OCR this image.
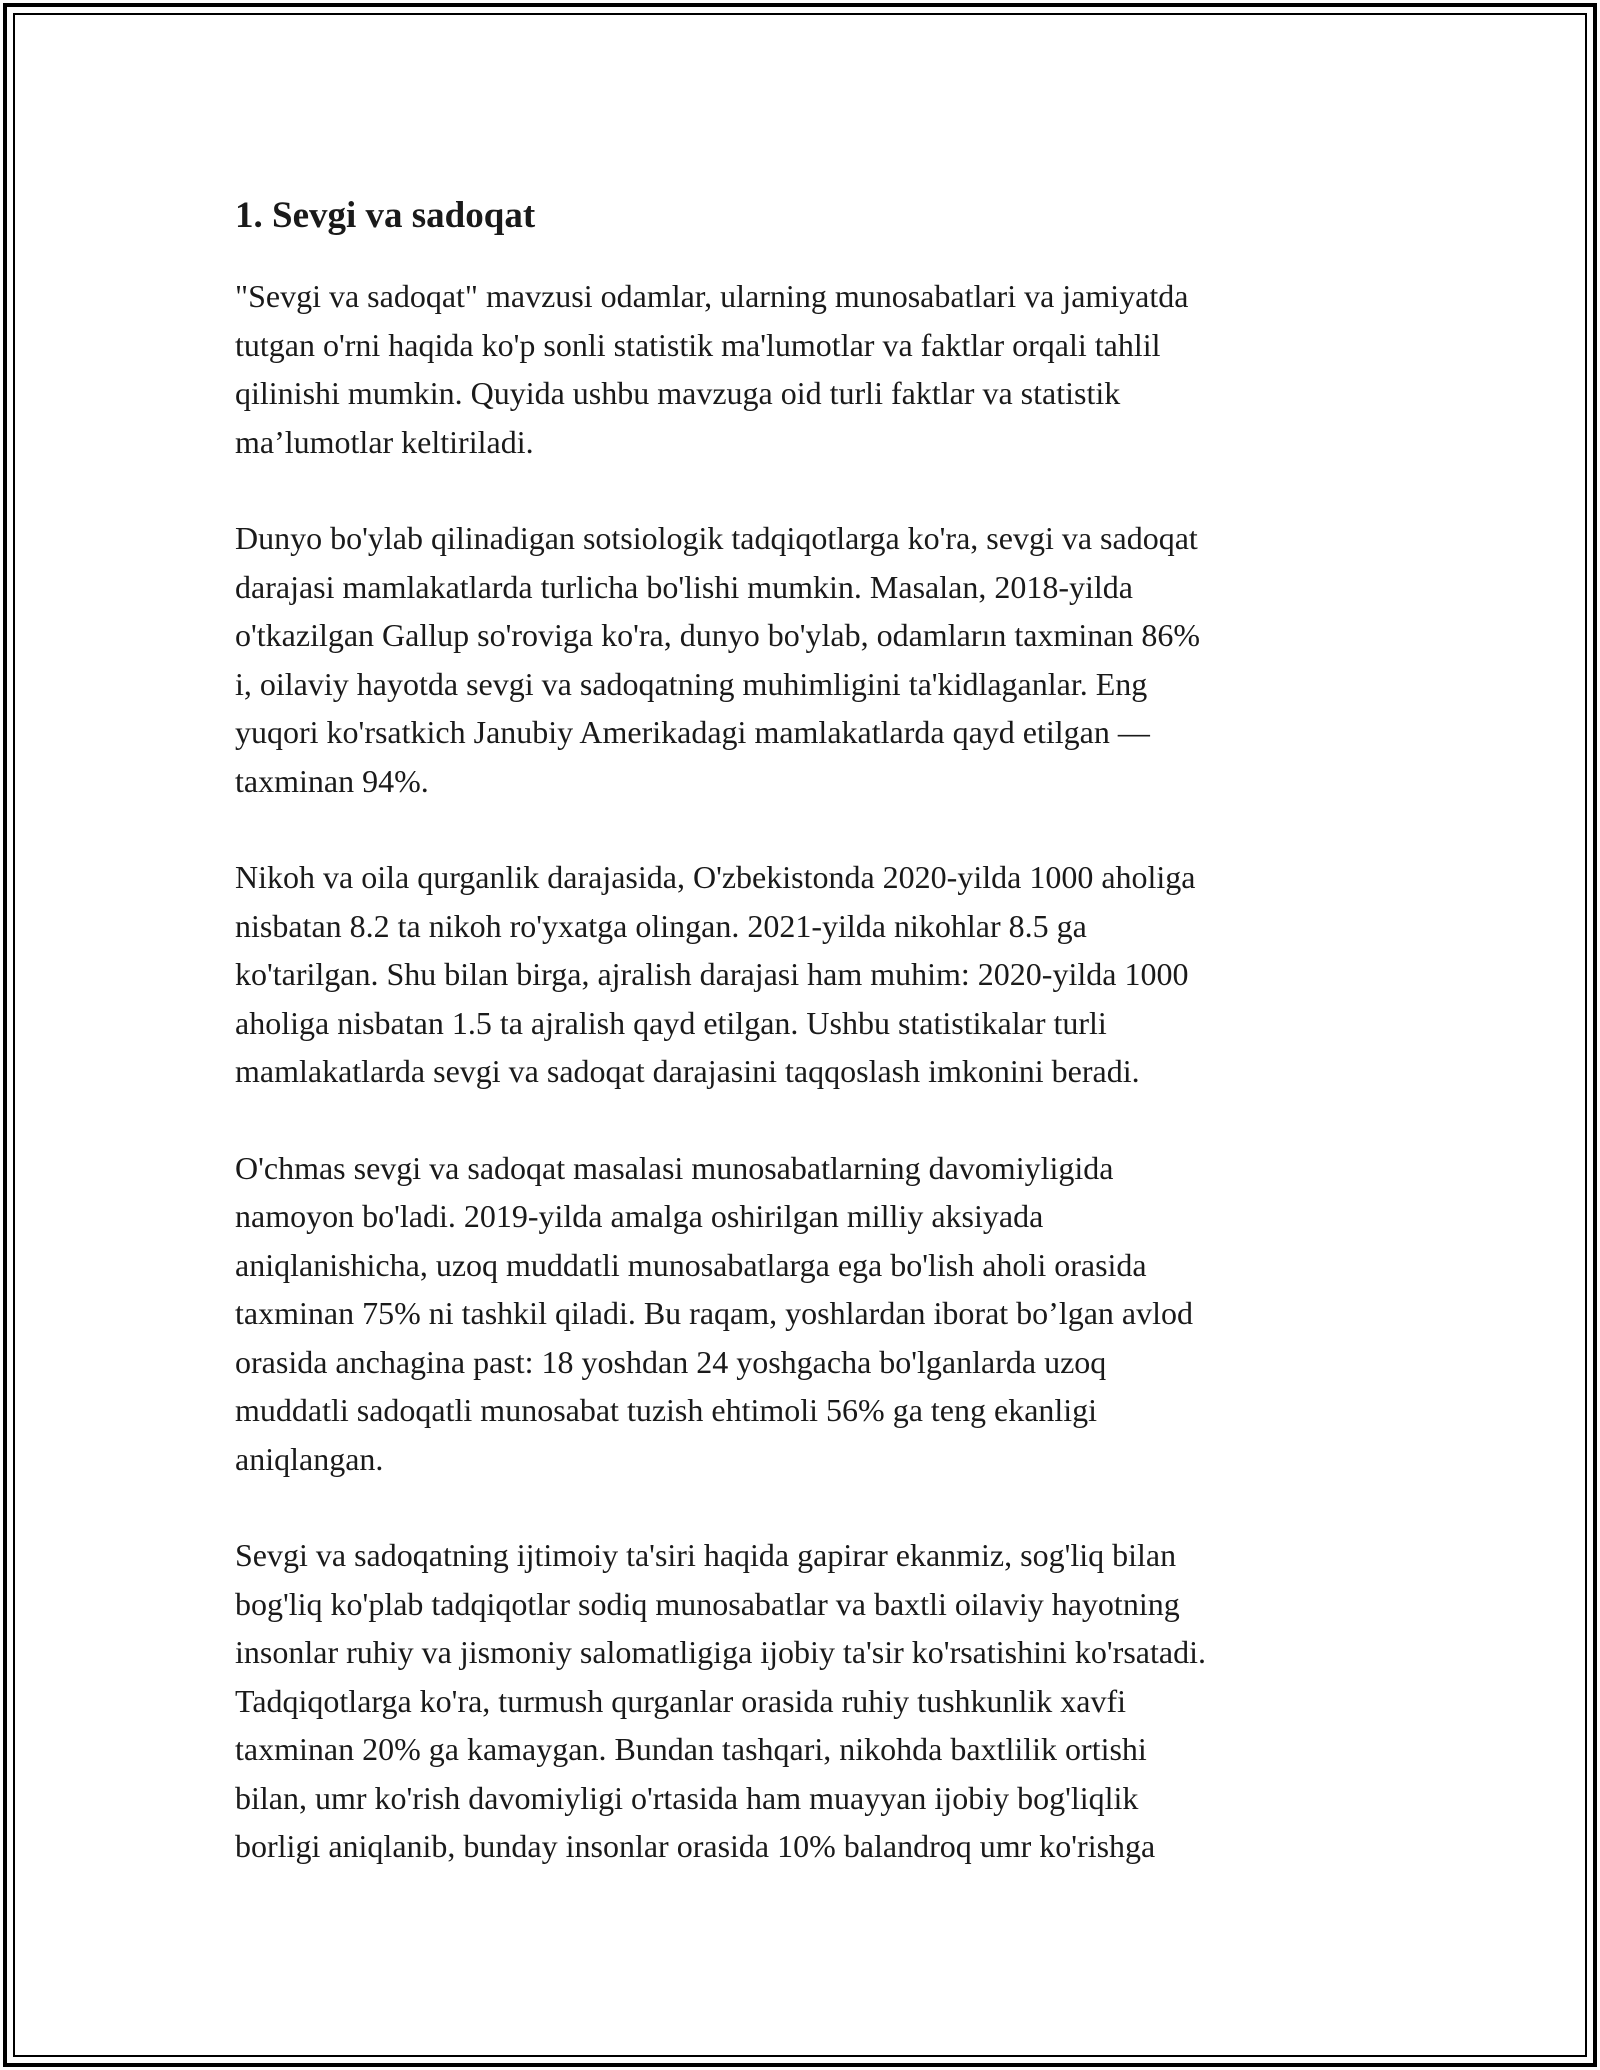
1. Sevgi va sadoqat

"Sevgi va sadoqat" mavzusi odamlar, ularning munosabatlari va jamiyatda
tutgan o'rni haqida ko'p sonli statistik ma'lumotlar va faktlar orqali tahlil
qilinishi mumkin. Quyida ushbu mavzuga oid turli faktlar va statistik
ma’lumotlar keltiriladi.

Dunyo bo'ylab qilinadigan sotsiologik tadqiqotlarga ko'ra, sevgi va sadoqat
darajasi mamlakatlarda turlicha bo'lishi mumkin. Masalan, 2018-yilda
o'tkazilgan Gallup so'roviga ko'ra, dunyo bo'ylab, odamların taxminan 86%
i, oilaviy hayotda sevgi va sadoqatning muhimligini ta'kidlaganlar. Eng
yuqori ko'rsatkich Janubiy Amerikadagi mamlakatlarda qayd etilgan —
taxminan 94%.

Nikoh va oila qurganlik darajasida, O'zbekistonda 2020-yilda 1000 aholiga
nisbatan 8.2 ta nikoh ro'yxatga olingan. 2021-yilda nikohlar 8.5 ga
ko'tarilgan. Shu bilan birga, ajralish darajasi ham muhim: 2020-yilda 1000
aholiga nisbatan 1.5 ta ajralish qayd etilgan. Ushbu statistikalar turli
mamlakatlarda sevgi va sadoqat darajasini taqqoslash imkonini beradi.

O'chmas sevgi va sadoqat masalasi munosabatlarning davomiyligida
namoyon bo'ladi. 2019-yilda amalga oshirilgan milliy aksiyada
aniqlanishicha, uzoq muddatli munosabatlarga ega bo'lish aholi orasida
taxminan 75% ni tashkil qiladi. Bu raqam, yoshlardan iborat bo’lgan avlod
orasida anchagina past: 18 yoshdan 24 yoshgacha bo'lganlarda uzoq
muddatli sadoqatli munosabat tuzish ehtimoli 56% ga teng ekanligi
aniqlangan.

Sevgi va sadoqatning ijtimoiy ta'siri haqida gapirar ekanmiz, sog'liq bilan
bog'liq ko'plab tadqiqotlar sodiq munosabatlar va baxtli oilaviy hayotning
insonlar ruhiy va jismoniy salomatligiga ijobiy ta'sir ko'rsatishini ko'rsatadi.
Tadqiqotlarga ko'ra, turmush qurganlar orasida ruhiy tushkunlik xavfi
taxminan 20% ga kamaygan. Bundan tashqari, nikohda baxtlilik ortishi
bilan, umr ko'rish davomiyligi o'rtasida ham muayyan ijobiy bog'liqlik
borligi aniqlanib, bunday insonlar orasida 10% balandroq umr ko'rishga
